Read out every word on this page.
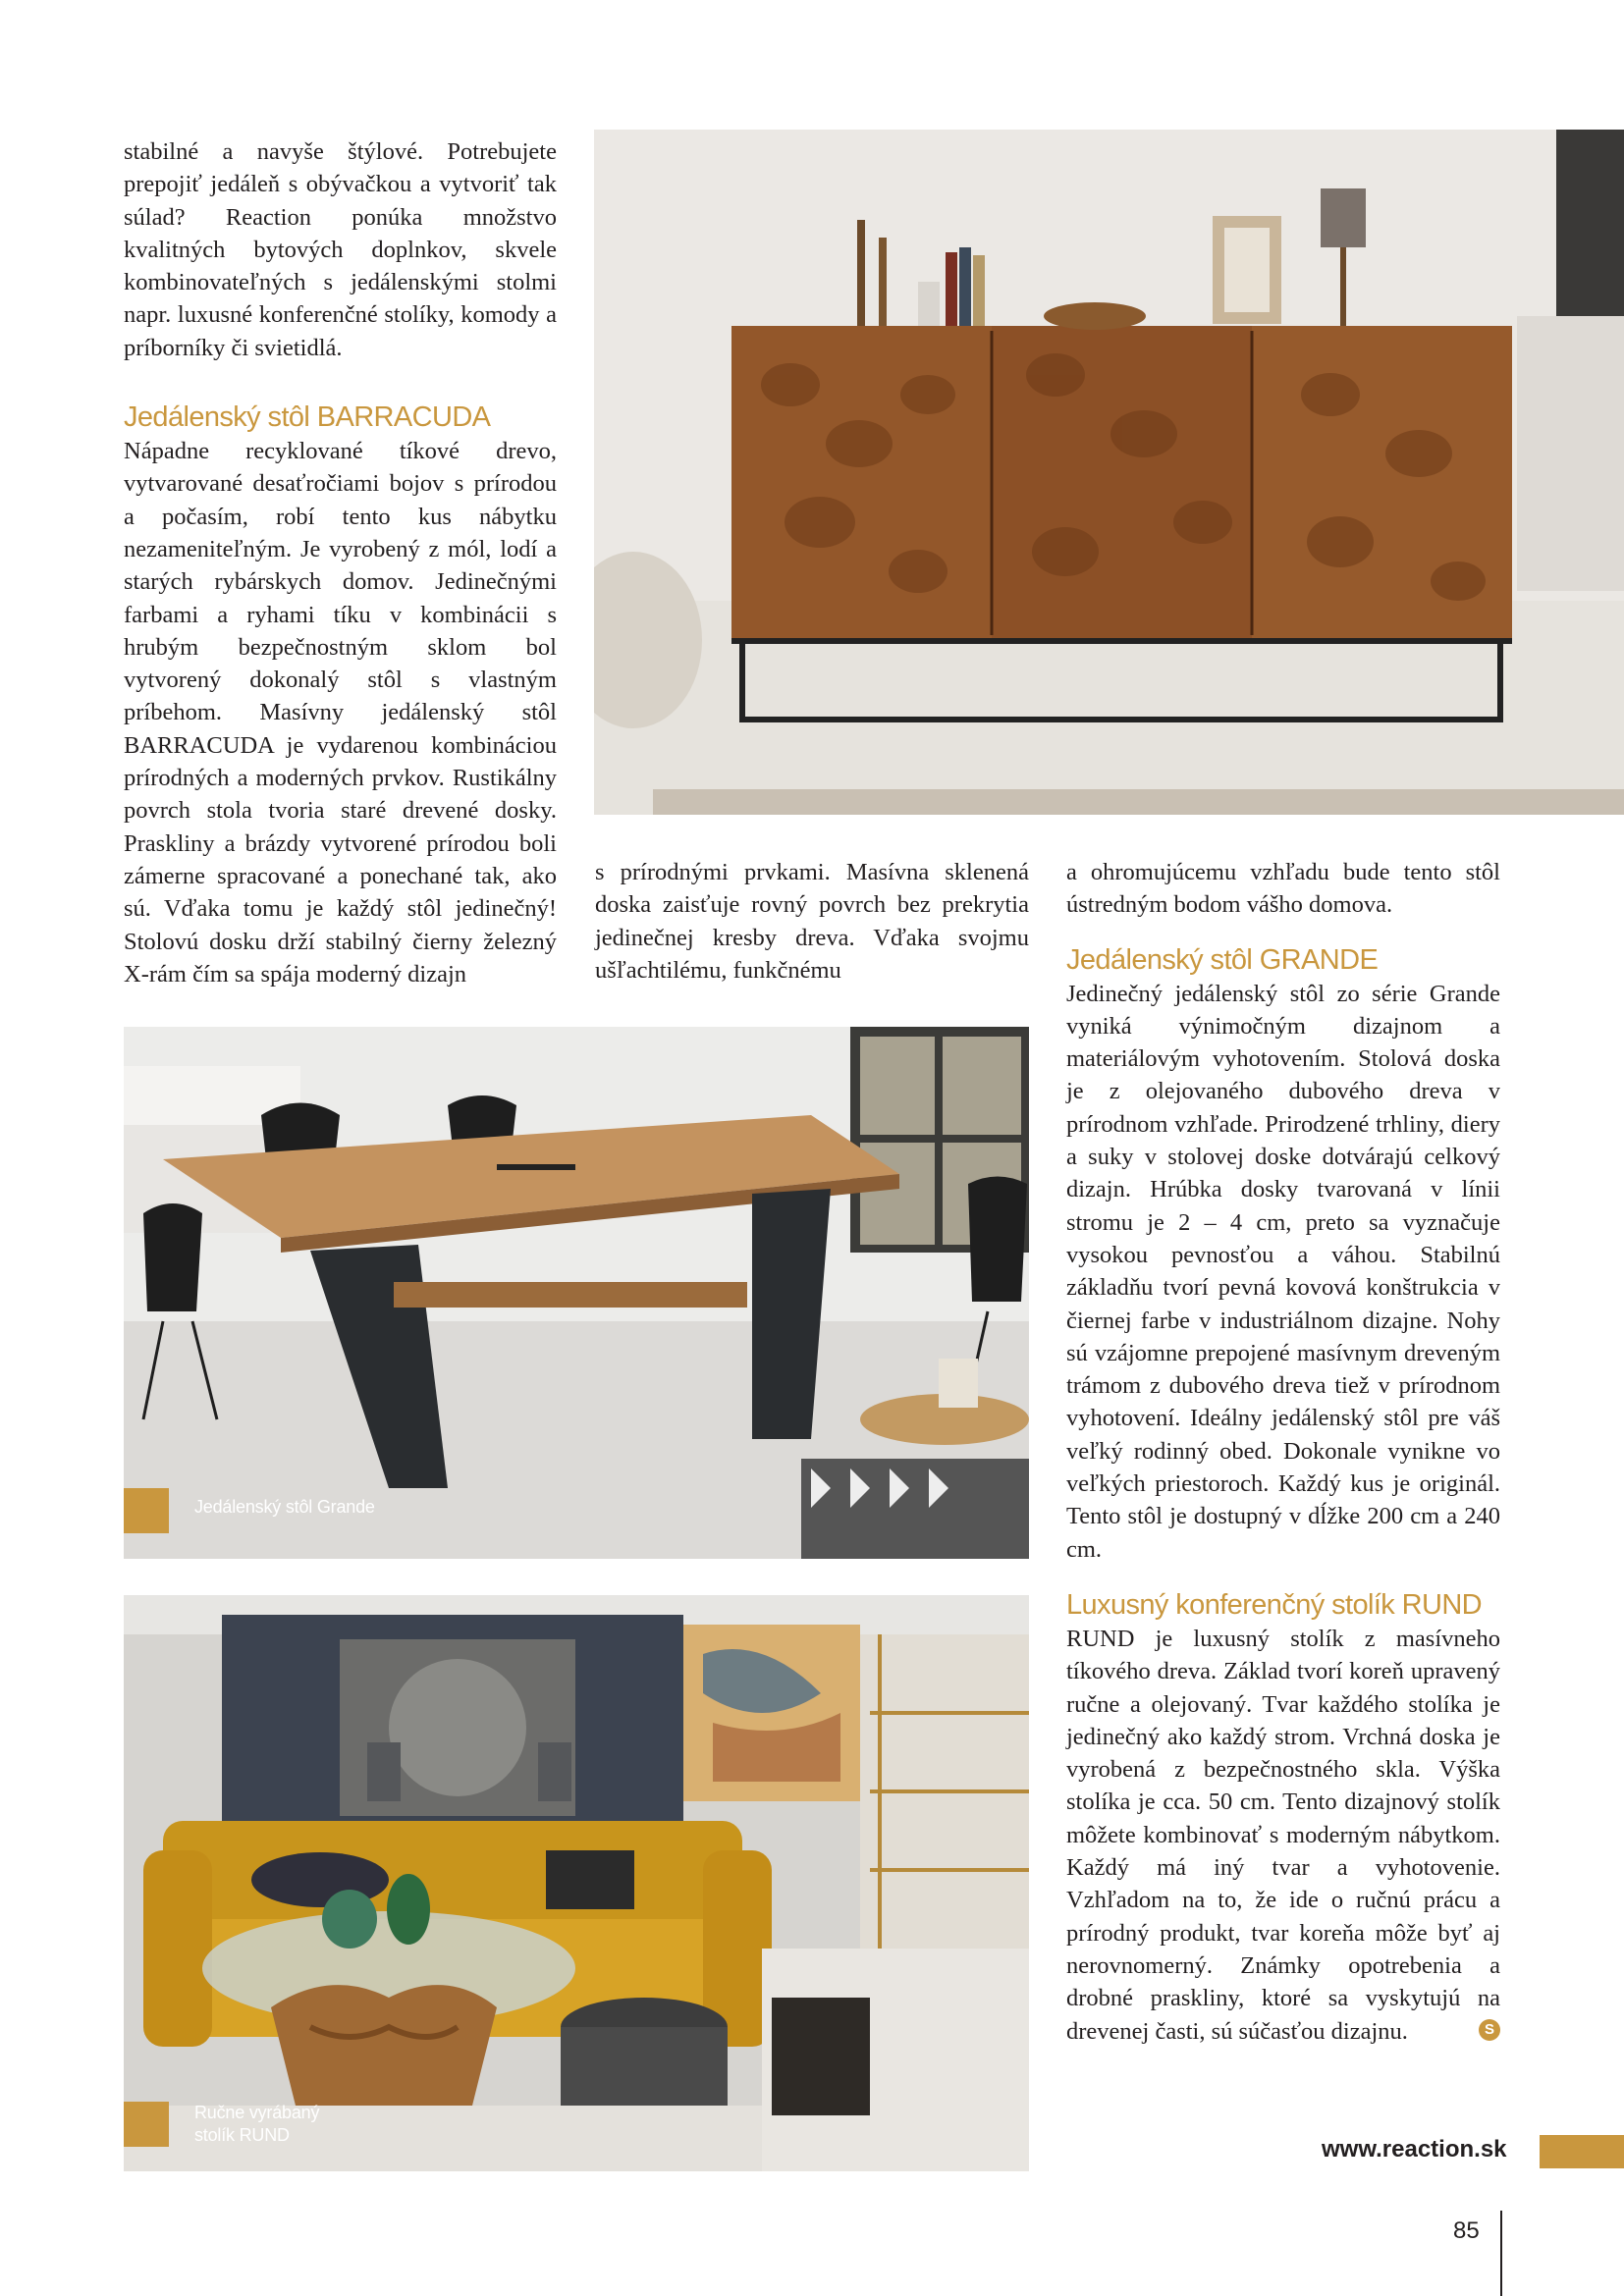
stabilné a navyše štýlové. Potrebujete prepojiť jedáleň s obývačkou a vytvoriť tak súlad? Reaction ponúka množstvo kvalitných bytových doplnkov, skvele kombinovateľných s jedálenskými stolmi napr. luxusné konferenčné stolíky, komody a príborníky či svietidlá.

Jedálenský stôl BARRACUDA

Nápadne recyklované tíkové drevo, vytvarované desaťročiami bojov s prírodou a počasím, robí tento kus nábytku nezameniteľným. Je vyrobený z mól, lodí a starých rybárskych domov. Jedinečnými farbami a ryhami tíku v kombinácii s hrubým bezpečnostným sklom bol vytvorený dokonalý stôl s vlastným príbehom. Masívny jedálenský stôl BARRACUDA je vydarenou kombináciou prírodných a moderných prvkov. Rustikálny povrch stola tvoria staré drevené dosky. Praskliny a brázdy vytvorené prírodou boli zámerne spracované a ponechané tak, ako sú. Vďaka tomu je každý stôl jedinečný! Stolovú dosku drží stabilný čierny železný X-rám čím sa spája moderný dizajn

s prírodnými prvkami. Masívna sklenená doska zaisťuje rovný povrch bez prekrytia jedinečnej kresby dreva. Vďaka svojmu ušľachtilému, funkčnému

a ohromujúcemu vzhľadu bude tento stôl ústredným bodom vášho domova.

Jedálenský stôl GRANDE

Jedinečný jedálenský stôl zo série Grande vyniká výnimočným dizajnom a materiálovým vyhotovením. Stolová doska je z olejovaného dubového dreva v prírodnom vzhľade. Prirodzené trhliny, diery a suky v stolovej doske dotvárajú celkový dizajn. Hrúbka dosky tvarovaná v línii stromu je 2 – 4 cm, preto sa vyznačuje vysokou pevnosťou a váhou. Stabilnú základňu tvorí pevná kovová konštrukcia v čiernej farbe v industriálnom dizajne. Nohy sú vzájomne prepojené masívnym dreveným trámom z dubového dreva tiež v prírodnom vyhotovení. Ideálny jedálenský stôl pre váš veľký rodinný obed. Dokonale vynikne vo veľkých priestoroch. Každý kus je originál. Tento stôl je dostupný v dĺžke 200 cm a 240 cm.

Luxusný konferenčný stolík RUND

RUND je luxusný stolík z masívneho tíkového dreva. Základ tvorí koreň upravený ručne a olejovaný. Tvar každého stolíka je jedinečný ako každý strom. Vrchná doska je vyrobená z bezpečnostného skla. Výška stolíka je cca. 50 cm. Tento dizajnový stolík môžete kombinovať s moderným nábytkom. Každý má iný tvar a vyhotovenie. Vzhľadom na to, že ide o ručnú prácu a prírodný produkt, tvar koreňa môže byť aj nerovnomerný. Známky opotrebenia a drobné praskliny, ktoré sa vyskytujú na drevenej časti, sú súčasťou dizajnu.	S

Jedálenský stôl Grande
Ručne vyrábaný
stolík RUND
www.reaction.sk
85
